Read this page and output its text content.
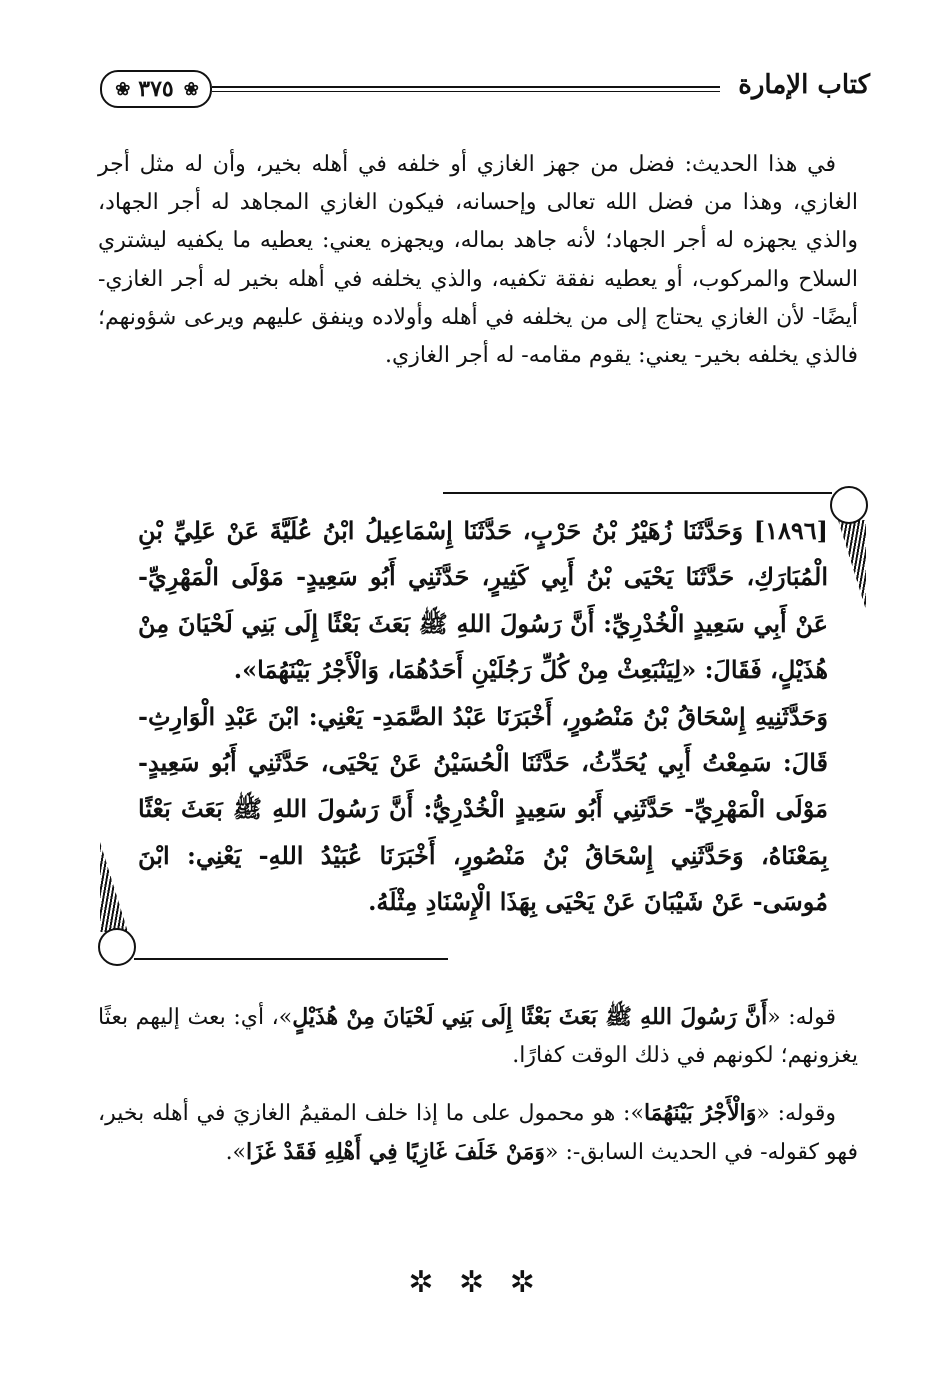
كتاب الإمارة
❀
٣٧٥
❀
في هذا الحديث: فضل من جهز الغازي أو خلفه في أهله بخير، وأن له مثل أجر الغازي، وهذا من فضل الله تعالى وإحسانه، فيكون الغازي المجاهد له أجر الجهاد، والذي يجهزه له أجر الجهاد؛ لأنه جاهد بماله، ويجهزه يعني: يعطيه ما يكفيه ليشتري السلاح والمركوب، أو يعطيه نفقة تكفيه، والذي يخلفه في أهله بخير له أجر الغازي- أيضًا- لأن الغازي يحتاج إلى من يخلفه في أهله وأولاده وينفق عليهم ويرعى شؤونهم؛ فالذي يخلفه بخير- يعني: يقوم مقامه- له أجر الغازي.
[١٨٩٦] وَحَدَّثَنَا زُهَيْرُ بْنُ حَرْبٍ، حَدَّثَنَا إِسْمَاعِيلُ ابْنُ عُلَيَّةَ عَنْ عَلِيِّ بْنِ الْمُبَارَكِ، حَدَّثَنَا يَحْيَى بْنُ أَبِي كَثِيرٍ، حَدَّثَنِي أَبُو سَعِيدٍ- مَوْلَى الْمَهْرِيِّ- عَنْ أَبِي سَعِيدٍ الْخُدْرِيِّ: أَنَّ رَسُولَ اللهِ ﷺ بَعَثَ بَعْثًا إِلَى بَنِي لَحْيَانَ مِنْ هُذَيْلٍ، فَقَالَ: «لِيَنْبَعِثْ مِنْ كُلِّ رَجُلَيْنِ أَحَدُهُمَا، وَالْأَجْرُ بَيْنَهُمَا».
وَحَدَّثَنِيهِ إِسْحَاقُ بْنُ مَنْصُورٍ، أَخْبَرَنَا عَبْدُ الصَّمَدِ- يَعْنِي: ابْنَ عَبْدِ الْوَارِثِ- قَالَ: سَمِعْتُ أَبِي يُحَدِّثُ، حَدَّثَنَا الْحُسَيْنُ عَنْ يَحْيَى، حَدَّثَنِي أَبُو سَعِيدٍ- مَوْلَى الْمَهْرِيِّ- حَدَّثَنِي أَبُو سَعِيدٍ الْخُدْرِيُّ: أَنَّ رَسُولَ اللهِ ﷺ بَعَثَ بَعْثًا بِمَعْنَاهُ، وَحَدَّثَنِي إِسْحَاقُ بْنُ مَنْصُورٍ، أَخْبَرَنَا عُبَيْدُ اللهِ- يَعْنِي: ابْنَ مُوسَى- عَنْ شَيْبَانَ عَنْ يَحْيَى بِهَذَا الْإِسْنَادِ مِثْلَهُ.
قوله: «أَنَّ رَسُولَ اللهِ ﷺ بَعَثَ بَعْثًا إِلَى بَنِي لَحْيَانَ مِنْ هُذَيْلٍ»، أي: بعث إليهم بعثًا يغزونهم؛ لكونهم في ذلك الوقت كفارًا.
وقوله: «وَالْأَجْرُ بَيْنَهُمَا»: هو محمول على ما إذا خلف المقيمُ الغازيَ في أهله بخير، فهو كقوله- في الحديث السابق-: «وَمَنْ خَلَفَ غَازِيًا فِي أَهْلِهِ فَقَدْ غَزَا».
✲ ✲ ✲
